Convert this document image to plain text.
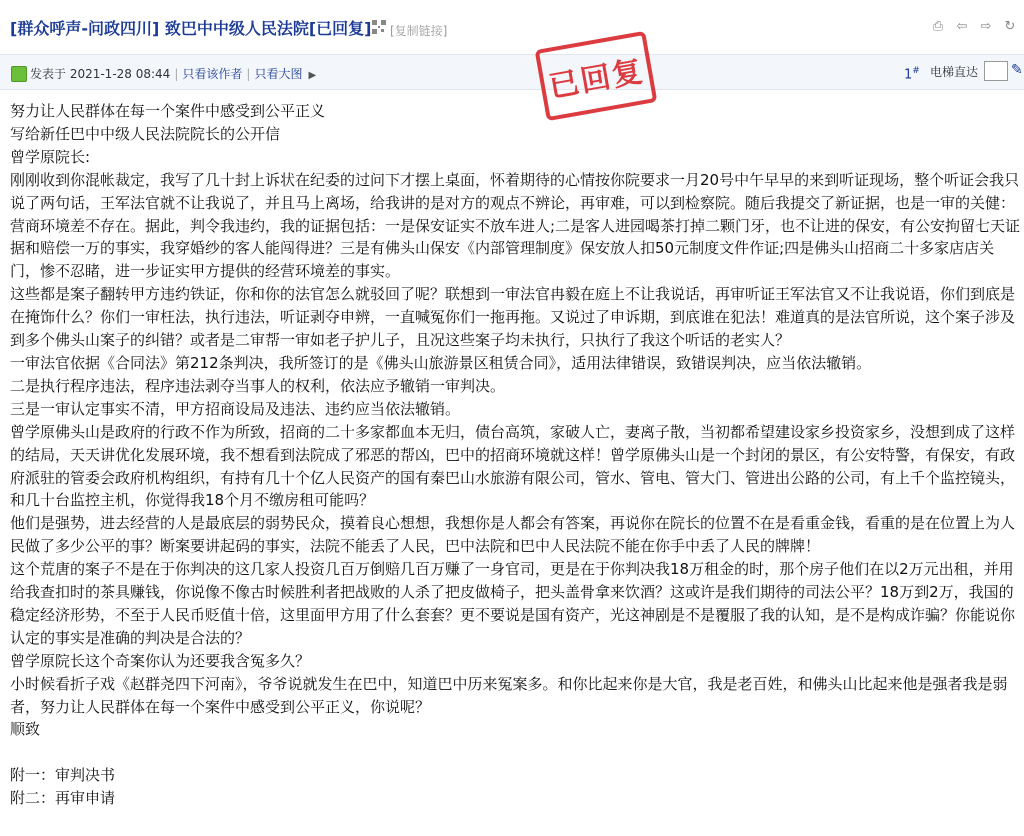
[群众呼声-问政四川] 致巴中中级人民法院[已回复] [复制链接]	⎙ ⇦ ⇨ ↻
发表于 2021-1-28 08:44 | 只看该作者 | 只看大图 ▶	1# 电梯直达 ✎
已回复

努力让人民群体在每一个案件中感受到公平正义

写给新任巴中中级人民法院院长的公开信

曾学原院长:

刚刚收到你混帐裁定，我写了几十封上诉状在纪委的过问下才摆上桌面，怀着期待的心情按你院要求一月20号中午早早的来到听证现场，整个听证会我只说了两句话，王军法官就不让我说了，并且马上离场，给我讲的是对方的观点不辨论，再审难，可以到检察院。随后我提交了新证据，也是一审的关健：营商环境差不存在。据此，判令我违约，我的证据包括：一是保安证实不放车进人;二是客人进园喝茶打掉二颗门牙，也不让进的保安，有公安拘留七天证据和赔偿一万的事实，我穿婚纱的客人能闯得进？三是有佛头山保安《内部管理制度》保安放人扣50元制度文件作证;四是佛头山招商二十多家店店关门，惨不忍睹，进一步证实甲方提供的经营环境差的事实。

这些都是案子翻转甲方违约铁证，你和你的法官怎么就驳回了呢？联想到一审法官冉毅在庭上不让我说话，再审听证王军法官又不让我说语，你们到底是在掩饰什么？你们一审枉法，执行违法，听证剥夺申辨，一直喊冤你们一拖再拖。又说过了申诉期，到底谁在犯法！难道真的是法官所说，这个案子涉及到多个佛头山案子的纠错？或者是二审帮一审如老子护儿子，且况这些案子均未执行，只执行了我这个听话的老实人？

一审法官依据《合同法》第212条判决，我所签订的是《佛头山旅游景区租赁合同》，适用法律错误，致错误判决，应当依法辙销。

二是执行程序违法，程序违法剥夺当事人的权利，依法应予辙销一审判决。

三是一审认定事实不清，甲方招商设局及违法、违约应当依法辙销。

曾学原佛头山是政府的行政不作为所致，招商的二十多家都血本无归，债台高筑，家破人亡，妻离子散，当初都希望建设家乡投资家乡，没想到成了这样的结局，天天讲优化发展环境，我不想看到法院成了邪恶的帮凶，巴中的招商环境就这样！曾学原佛头山是一个封闭的景区，有公安特警，有保安，有政府派驻的管委会政府机构组织，有持有几十个亿人民资产的国有秦巴山水旅游有限公司，管水、管电、管大门、管进出公路的公司，有上千个监控镜头，和几十台监控主机，你觉得我18个月不缴房租可能吗？

他们是强势，进去经营的人是最底层的弱势民众，摸着良心想想，我想你是人都会有答案，再说你在院长的位置不在是看重金钱，看重的是在位置上为人民做了多少公平的事？断案要讲起码的事实，法院不能丢了人民，巴中法院和巴中人民法院不能在你手中丢了人民的牌牌！

这个荒唐的案子不是在于你判决的这几家人投资几百万倒赔几百万赚了一身官司，更是在于你判决我18万租金的时，那个房子他们在以2万元出租，并用给我查扣时的茶具赚钱，你说像不像古时候胜利者把战败的人杀了把皮做椅子，把头盖骨拿来饮酒？这或许是我们期待的司法公平？18万到2万，我国的稳定经济形势，不至于人民币贬值十倍，这里面甲方用了什么套套？更不要说是国有资产，光这神剧是不是覆服了我的认知，是不是构成诈骗？你能说你认定的事实是准确的判决是合法的？

曾学原院长这个奇案你认为还要我含冤多久？

小时候看折子戏《赵群尧四下河南》，爷爷说就发生在巴中，知道巴中历来冤案多。和你比起来你是大官，我是老百姓，和佛头山比起来他是强者我是弱者，努力让人民群体在每一个案件中感受到公平正义，你说呢？

顺致

附一：审判决书

附二：再审申请
